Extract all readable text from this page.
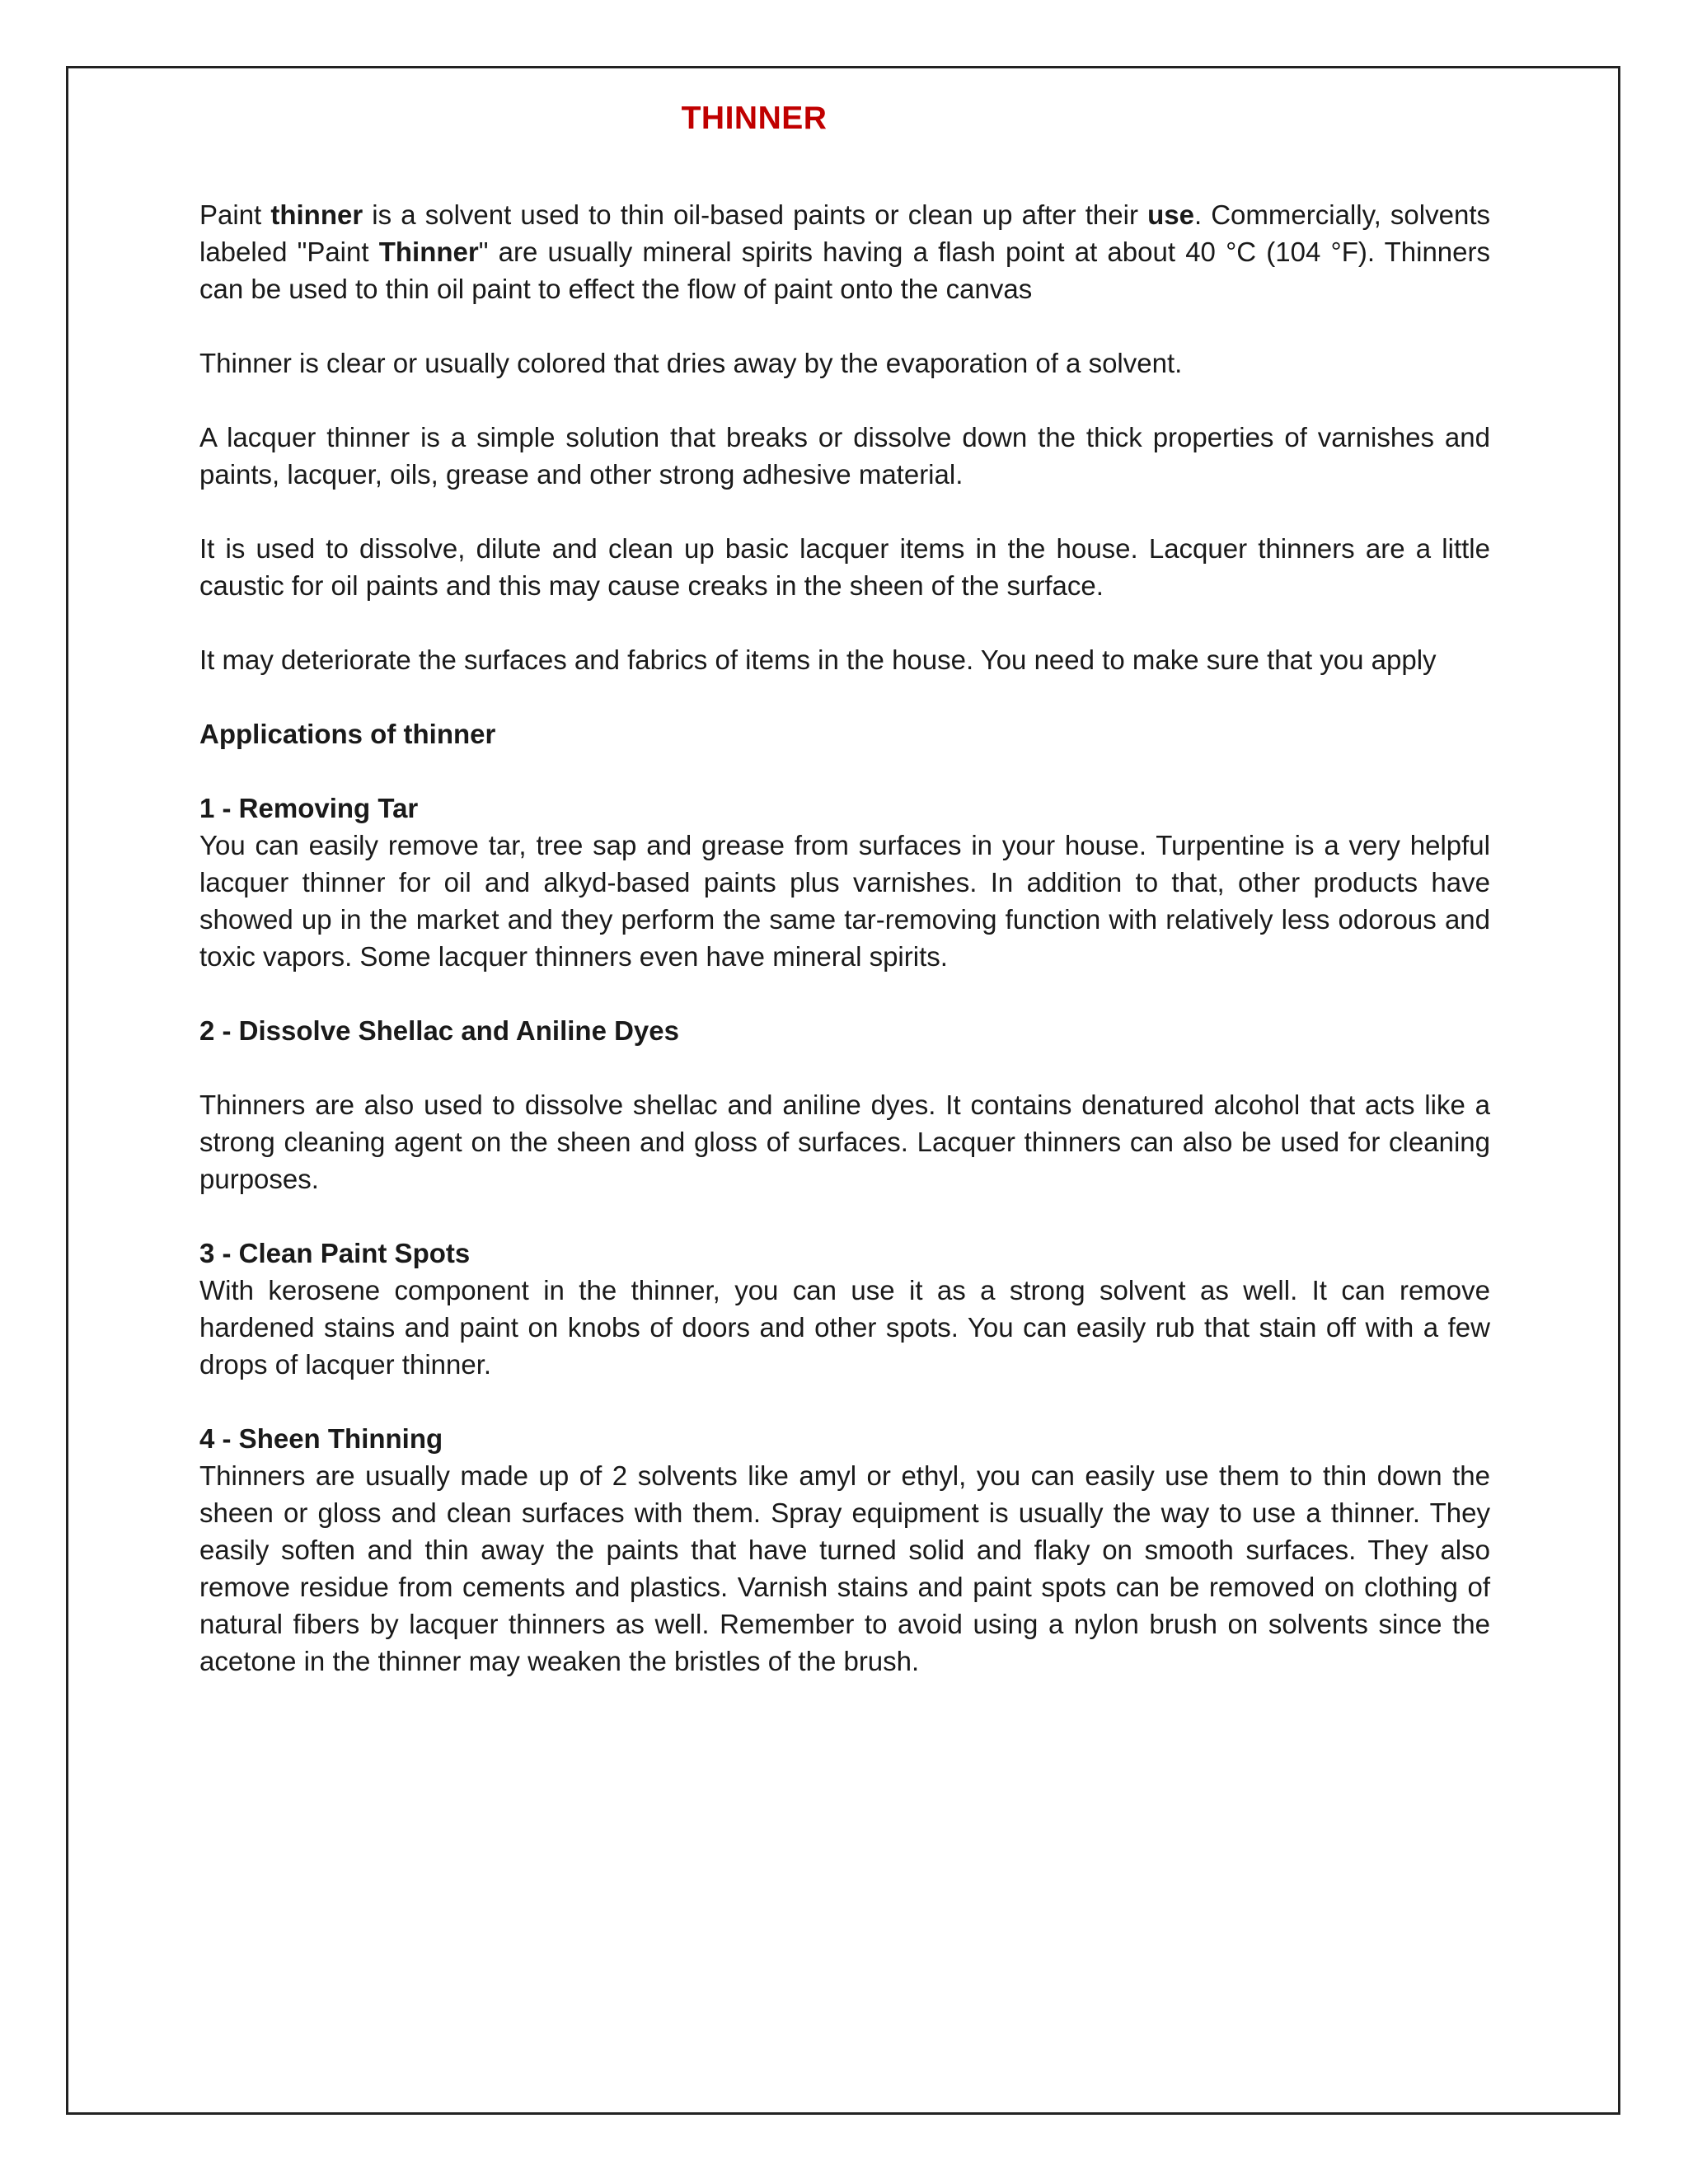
THINNER

Paint thinner is a solvent used to thin oil-based paints or clean up after their use. Commercially, solvents labeled "Paint Thinner" are usually mineral spirits having a flash point at about 40 °C (104 °F). Thinners can be used to thin oil paint to effect the flow of paint onto the canvas

Thinner is clear or usually colored that dries away by the evaporation of a solvent.

A lacquer thinner is a simple solution that breaks or dissolve down the thick properties of varnishes and paints, lacquer, oils, grease and other strong adhesive material.

It is used to dissolve, dilute and clean up basic lacquer items in the house. Lacquer thinners are a little caustic for oil paints and this may cause creaks in the sheen of the surface.

It may deteriorate the surfaces and fabrics of items in the house. You need to make sure that you apply

Applications of thinner

1 - Removing Tar

You can easily remove tar, tree sap and grease from surfaces in your house. Turpentine is a very helpful lacquer thinner for oil and alkyd-based paints plus varnishes. In addition to that, other products have showed up in the market and they perform the same tar-removing function with relatively less odorous and toxic vapors. Some lacquer thinners even have mineral spirits.

2 - Dissolve Shellac and Aniline Dyes

Thinners are also used to dissolve shellac and aniline dyes. It contains denatured alcohol that acts like a strong cleaning agent on the sheen and gloss of surfaces. Lacquer thinners can also be used for cleaning purposes.

3 - Clean Paint Spots

With kerosene component in the thinner, you can use it as a strong solvent as well. It can remove hardened stains and paint on knobs of doors and other spots. You can easily rub that stain off with a few drops of lacquer thinner.

4 - Sheen Thinning

Thinners are usually made up of 2 solvents like amyl or ethyl, you can easily use them to thin down the sheen or gloss and clean surfaces with them. Spray equipment is usually the way to use a thinner. They easily soften and thin away the paints that have turned solid and flaky on smooth surfaces. They also remove residue from cements and plastics. Varnish stains and paint spots can be removed on clothing of natural fibers by lacquer thinners as well. Remember to avoid using a nylon brush on solvents since the acetone in the thinner may weaken the bristles of the brush.
